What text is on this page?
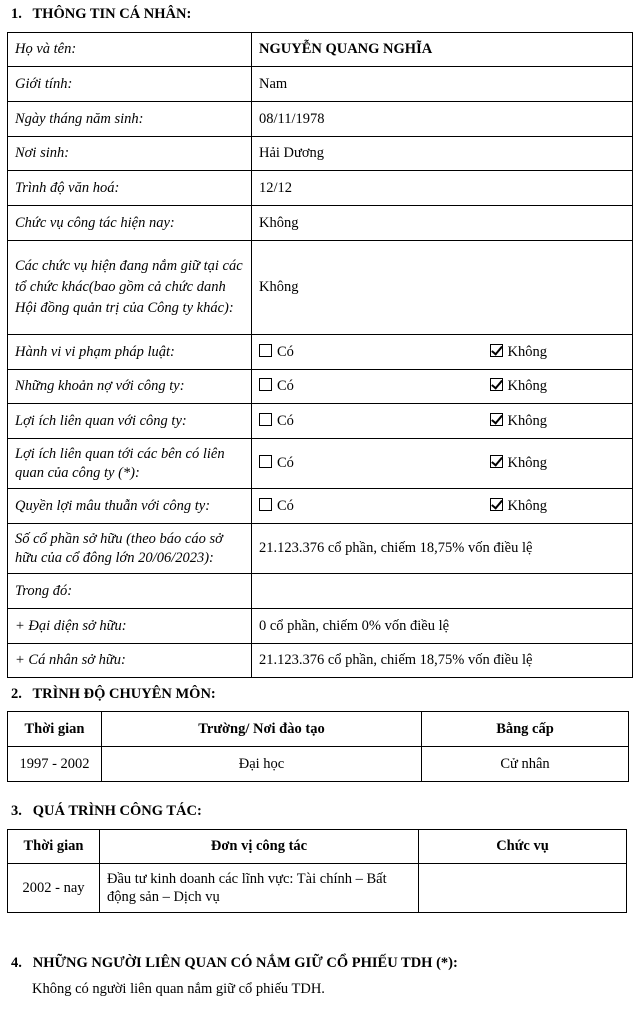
1.   THÔNG TIN CÁ NHÂN:
Họ và tên:	NGUYỄN QUANG NGHĨA
Giới tính:	Nam
Ngày tháng năm sinh:	08/11/1978
Nơi sinh:	Hải Dương
Trình độ văn hoá:	12/12
Chức vụ công tác hiện nay:	Không
Các chức vụ hiện đang nắm giữ tại các tổ chức khác(bao gồm cả chức danh Hội đồng quản trị của Công ty khác):	Không
Hành vi vi phạm pháp luật:	Có Không

Những khoản nợ với công ty:	Có Không

Lợi ích liên quan với công ty:	Có Không

Lợi ích liên quan tới các bên có liên quan của công ty (*):	Có Không

Quyền lợi mâu thuẫn với công ty:	Có Không

Số cổ phần sở hữu (theo báo cáo sở hữu của cổ đông lớn 20/06/2023):	21.123.376 cổ phần, chiếm 18,75% vốn điều lệ
Trong đó:	
+ Đại diện sở hữu:	0 cổ phần, chiếm 0% vốn điều lệ
+ Cá nhân sở hữu:	21.123.376 cổ phần, chiếm 18,75% vốn điều lệ
2.   TRÌNH ĐỘ CHUYÊN MÔN:
Thời gian	Trường/ Nơi đào tạo	Bằng cấp
1997 - 2002	Đại học	Cử nhân
3.   QUÁ TRÌNH CÔNG TÁC:
Thời gian	Đơn vị công tác	Chức vụ
2002 - nay	Đầu tư kinh doanh các lĩnh vực: Tài chính – Bất động sản – Dịch vụ	
4.   NHỮNG NGƯỜI LIÊN QUAN CÓ NẮM GIỮ CỔ PHIẾU TDH (*):
Không có người liên quan nắm giữ cổ phiếu TDH.
